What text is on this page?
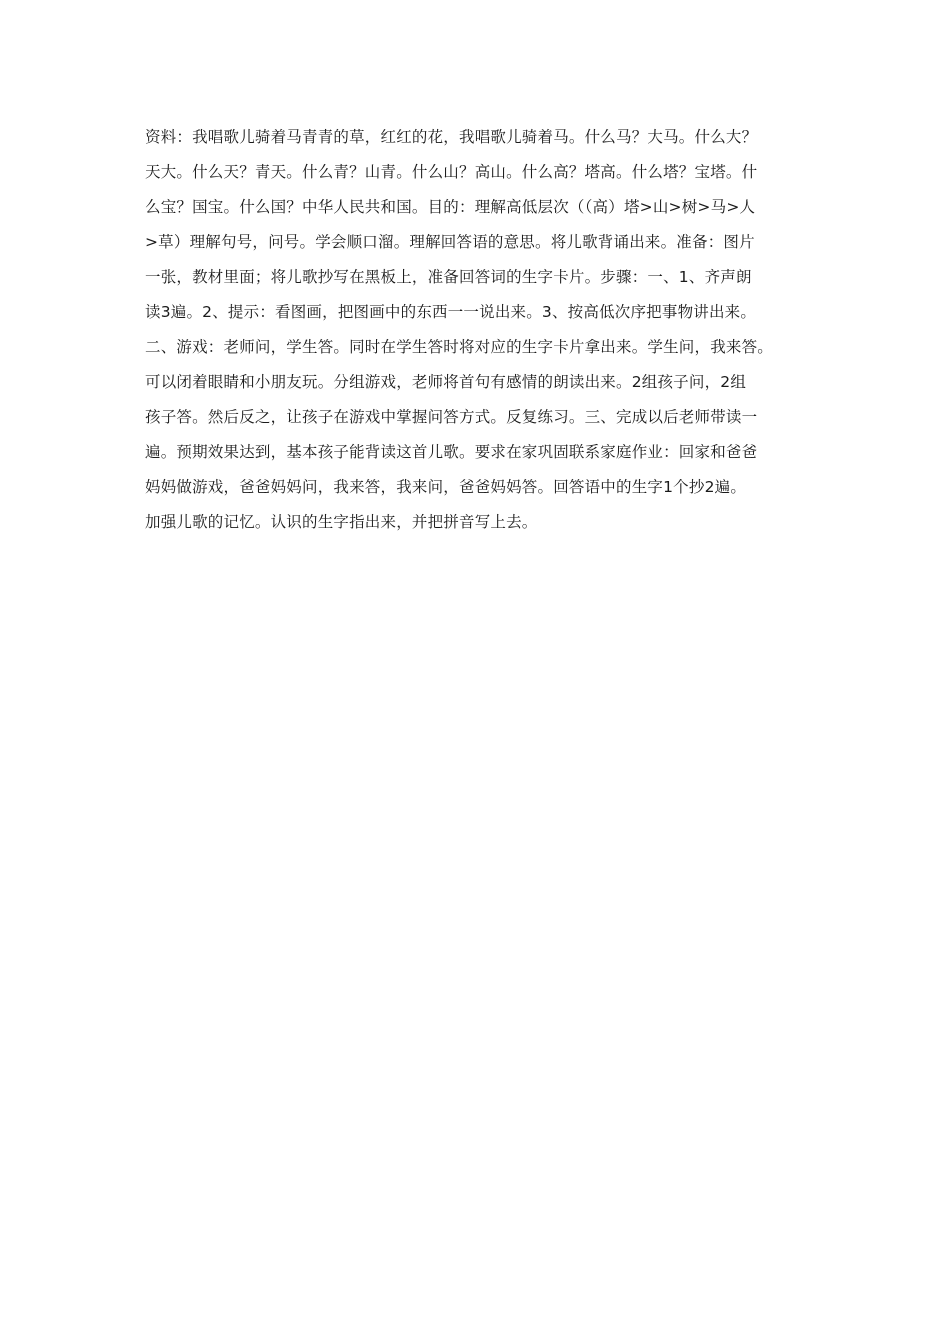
资料：我唱歌儿骑着马青青的草，红红的花，我唱歌儿骑着马。什么马？大马。什么大？
天大。什么天？青天。什么青？山青。什么山？高山。什么高？塔高。什么塔？宝塔。什
么宝？国宝。什么国？中华人民共和国。目的：理解高低层次（（高）塔>山>树>马>人
>草）理解句号，问号。学会顺口溜。理解回答语的意思。将儿歌背诵出来。准备：图片
一张，教材里面；将儿歌抄写在黑板上，准备回答词的生字卡片。步骤：一、1、齐声朗
读3遍。2、提示：看图画，把图画中的东西一一说出来。3、按高低次序把事物讲出来。
二、游戏：老师问，学生答。同时在学生答时将对应的生字卡片拿出来。学生问，我来答。
可以闭着眼睛和小朋友玩。分组游戏，老师将首句有感情的朗读出来。2组孩子问，2组
孩子答。然后反之，让孩子在游戏中掌握问答方式。反复练习。三、完成以后老师带读一
遍。预期效果达到，基本孩子能背读这首儿歌。要求在家巩固联系家庭作业：回家和爸爸
妈妈做游戏，爸爸妈妈问，我来答，我来问，爸爸妈妈答。回答语中的生字1个抄2遍。
加强儿歌的记忆。认识的生字指出来，并把拼音写上去。
